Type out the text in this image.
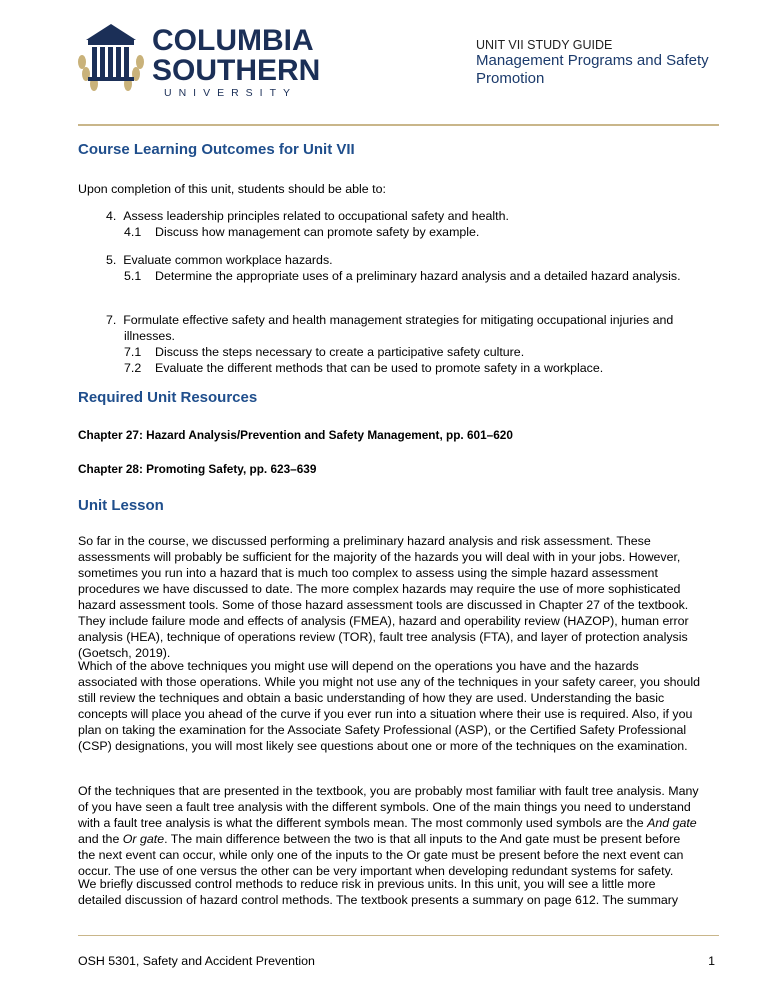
COLUMBIA
SOUTHERN
UNIVERSITY
UNIT VII STUDY GUIDE
Management Programs and Safety Promotion
Course Learning Outcomes for Unit VII
Upon completion of this unit, students should be able to:
4.  Assess leadership principles related to occupational safety and health.
4.1    Discuss how management can promote safety by example.
5.  Evaluate common workplace hazards.
5.1    Determine the appropriate uses of a preliminary hazard analysis and a detailed hazard analysis.
7.  Formulate effective safety and health management strategies for mitigating occupational injuries and illnesses.
7.1    Discuss the steps necessary to create a participative safety culture.
7.2    Evaluate the different methods that can be used to promote safety in a workplace.
Required Unit Resources
Chapter 27: Hazard Analysis/Prevention and Safety Management, pp. 601–620
Chapter 28: Promoting Safety, pp. 623–639
Unit Lesson
So far in the course, we discussed performing a preliminary hazard analysis and risk assessment. These assessments will probably be sufficient for the majority of the hazards you will deal with in your jobs. However, sometimes you run into a hazard that is much too complex to assess using the simple hazard assessment procedures we have discussed to date. The more complex hazards may require the use of more sophisticated hazard assessment tools. Some of those hazard assessment tools are discussed in Chapter 27 of the textbook. They include failure mode and effects of analysis (FMEA), hazard and operability review (HAZOP), human error analysis (HEA), technique of operations review (TOR), fault tree analysis (FTA), and layer of protection analysis (Goetsch, 2019).
Which of the above techniques you might use will depend on the operations you have and the hazards associated with those operations. While you might not use any of the techniques in your safety career, you should still review the techniques and obtain a basic understanding of how they are used. Understanding the basic concepts will place you ahead of the curve if you ever run into a situation where their use is required. Also, if you plan on taking the examination for the Associate Safety Professional (ASP), or the Certified Safety Professional (CSP) designations, you will most likely see questions about one or more of the techniques on the examination.
Of the techniques that are presented in the textbook, you are probably most familiar with fault tree analysis. Many of you have seen a fault tree analysis with the different symbols. One of the main things you need to understand with a fault tree analysis is what the different symbols mean. The most commonly used symbols are the And gate and the Or gate. The main difference between the two is that all inputs to the And gate must be present before the next event can occur, while only one of the inputs to the Or gate must be present before the next event can occur. The use of one versus the other can be very important when developing redundant systems for safety.
We briefly discussed control methods to reduce risk in previous units. In this unit, you will see a little more detailed discussion of hazard control methods. The textbook presents a summary on page 612. The summary
OSH 5301, Safety and Accident Prevention	1
